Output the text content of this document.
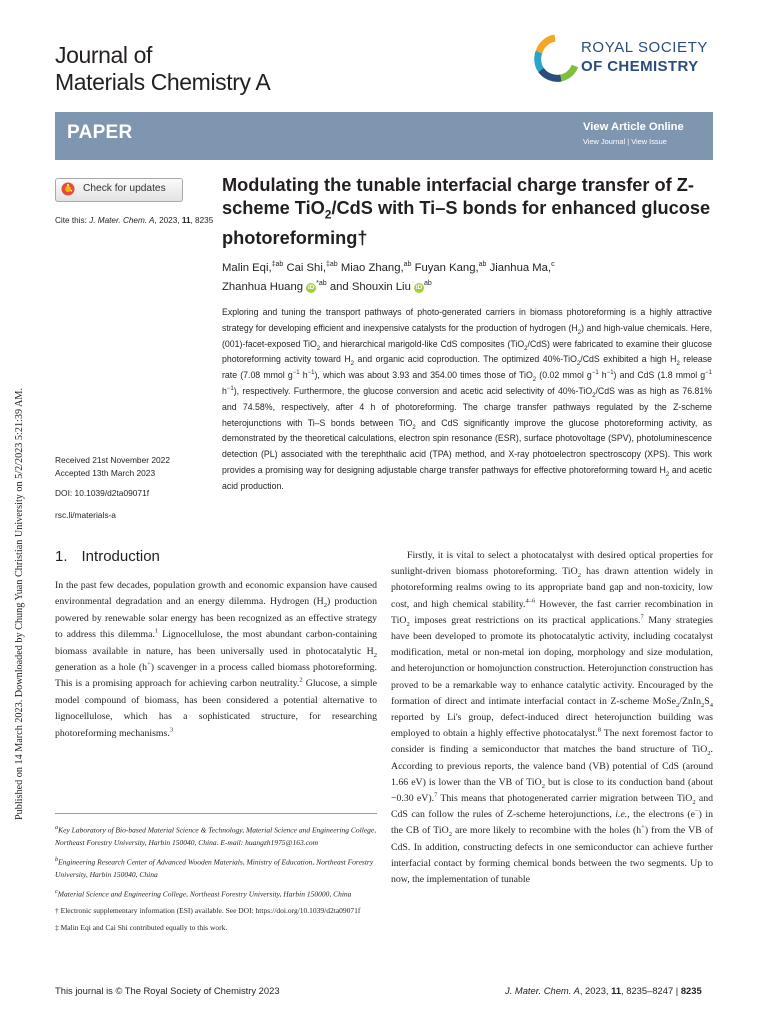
Published on 14 March 2023. Downloaded by Chung Yuan Christian University on 5/2/2023 5:21:39 AM.
Journal of
Materials Chemistry A
ROYAL SOCIETY
OF CHEMISTRY
PAPER	View Article Online
View Journal | View Issue
Check for updates
Cite this: J. Mater. Chem. A, 2023, 11, 8235
Received 21st November 2022
Accepted 13th March 2023
DOI: 10.1039/d2ta09071f
rsc.li/materials-a
Modulating the tunable interfacial charge transfer of Z-scheme TiO$_2$/CdS with Ti–S bonds for enhanced glucose photoreforming†
Malin Eqi,$^{\ddagger ab}$ Cai Shi,$^{\ddagger ab}$ Miao Zhang,$^{ab}$ Fuyan Kang,$^{ab}$ Jianhua Ma,$^c$
Zhanhua Huang $iD^{*ab}$ and Shouxin Liu $iD^{ab}$
Exploring and tuning the transport pathways of photo-generated carriers in biomass photoreforming is a highly attractive strategy for developing efficient and inexpensive catalysts for the production of hydrogen $(H_2)$ and high-value chemicals. Here, (001)-facet-exposed TiO$_2$ and hierarchical marigold-like CdS composites (TiO$_2$/CdS) were fabricated to examine their glucose photoreforming activity toward $H_2$ and organic acid coproduction. The optimized 40%-TiO$_2$/CdS exhibited a high $H_2$ release rate (7.08 mmol $g^{-1}$ $h^{-1}$), which was about 3.93 and 354.00 times those of TiO$_2$ (0.02 mmol $g^{-1}$ $h^{-1}$) and CdS (1.8 mmol $g^{-1}$ $h^{-1}$), respectively. Furthermore, the glucose conversion and acetic acid selectivity of 40%-TiO$_2$/CdS was as high as 76.81% and 74.58%, respectively, after 4 h of photoreforming. The charge transfer pathways regulated by the Z-scheme heterojunctions with Ti–S bonds between TiO$_2$ and CdS significantly improve the glucose photoreforming activity, as demonstrated by the theoretical calculations, electron spin resonance (ESR), surface photovoltage (SPV), photoluminescence detection (PL) associated with the terephthalic acid (TPA) method, and X-ray photoelectron spectroscopy (XPS). This work provides a promising way for designing adjustable charge transfer pathways for effective photoreforming toward $H_2$ and acetic acid production.
1. Introduction

In the past few decades, population growth and economic expansion have caused environmental degradation and an energy dilemma. Hydrogen $(H_2)$ production powered by renewable solar energy has been recognized as an effective strategy to address this dilemma.$^1$ Lignocellulose, the most abundant carbon-containing biomass available in nature, has been universally used in photocatalytic $H_2$ generation as a hole (h+) scavenger in a process called biomass photoreforming. This is a promising approach for achieving carbon neutrality.$^2$ Glucose, a simple model compound of biomass, has been considered a potential alternative to lignocellulose, which has a sophisticated structure, for researching photoreforming mechanisms.$^3$

$^a$Key Laboratory of Bio-based Material Science & Technology, Material Science and Engineering College, Northeast Forestry University, Harbin 150040, China. E-mail: huangzh1975@163.com

$^b$Engineering Research Center of Advanced Wooden Materials, Ministry of Education, Northeast Forestry University, Harbin 150040, China

$^c$Material Science and Engineering College, Northeast Forestry University, Harbin 150000, China

† Electronic supplementary information (ESI) available. See DOI: https://doi.org/10.1039/d2ta09071f

‡ Malin Eqi and Cai Shi contributed equally to this work.

Firstly, it is vital to select a photocatalyst with desired optical properties for sunlight-driven biomass photoreforming. TiO$_2$ has drawn attention widely in photoreforming realms owing to its appropriate band gap and non-toxicity, low cost, and high chemical stability.$^{4-6}$ However, the fast carrier recombination in TiO$_2$ imposes great restrictions on its practical applications.$^7$ Many strategies have been developed to promote its photocatalytic activity, including cocatalyst modification, metal or non-metal ion doping, morphology and size modulation, and heterojunction or homojunction construction. Heterojunction construction has proved to be a remarkable way to enhance catalytic activity. Encouraged by the formation of direct and intimate interfacial contact in Z-scheme $MoSe_2/ZnIn_2S_4$ reported by Li's group, defect-induced direct heterojunction building was employed to obtain a highly effective photocatalyst.$^8$ The next foremost factor to consider is finding a semiconductor that matches the band structure of TiO$_2$. According to previous reports, the valence band (VB) potential of CdS (around 1.66 eV) is lower than the VB of TiO$_2$ but is close to its conduction band (about −0.30 eV).$^7$ This means that photogenerated carrier migration between TiO$_2$ and CdS can follow the rules of Z-scheme heterojunctions, i.e., the electrons (e−) in the CB of TiO$_2$ are more likely to recombine with the holes (h+) from the VB of CdS. In addition, constructing defects in one semiconductor can achieve further interfacial contact by forming chemical bonds between the two segments. Up to now, the implementation of tunable

This journal is © The Royal Society of Chemistry 2023	J. Mater. Chem. A, 2023, 11, 8235–8247 | 8235
